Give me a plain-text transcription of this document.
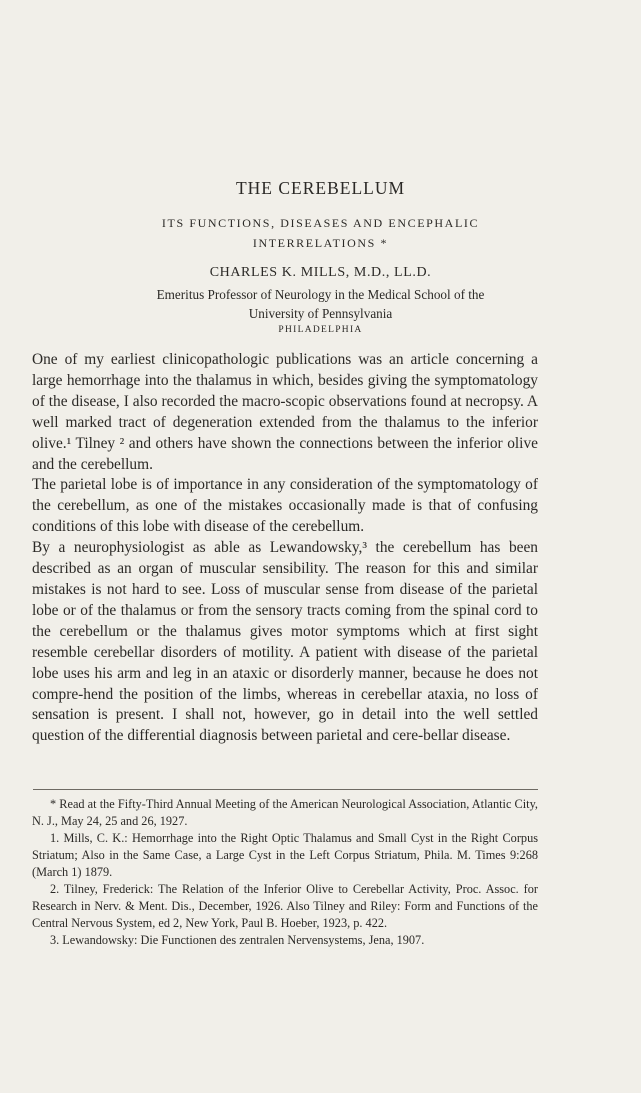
THE CEREBELLUM
ITS FUNCTIONS, DISEASES AND ENCEPHALIC
INTERRELATIONS *
CHARLES K. MILLS, M.D., LL.D.
Emeritus Professor of Neurology in the Medical School of the
University of Pennsylvania
PHILADELPHIA

One of my earliest clinicopathologic publications was an article concerning a large hemorrhage into the thalamus in which, besides giving the symptomatology of the disease, I also recorded the macro-scopic observations found at necropsy. A well marked tract of degeneration extended from the thalamus to the inferior olive.¹ Tilney ² and others have shown the connections between the inferior olive and the cerebellum.

The parietal lobe is of importance in any consideration of the symptomatology of the cerebellum, as one of the mistakes occasionally made is that of confusing conditions of this lobe with disease of the cerebellum.

By a neurophysiologist as able as Lewandowsky,³ the cerebellum has been described as an organ of muscular sensibility. The reason for this and similar mistakes is not hard to see. Loss of muscular sense from disease of the parietal lobe or of the thalamus or from the sensory tracts coming from the spinal cord to the cerebellum or the thalamus gives motor symptoms which at first sight resemble cerebellar disorders of motility. A patient with disease of the parietal lobe uses his arm and leg in an ataxic or disorderly manner, because he does not compre-hend the position of the limbs, whereas in cerebellar ataxia, no loss of sensation is present. I shall not, however, go in detail into the well settled question of the differential diagnosis between parietal and cere-bellar disease.

* Read at the Fifty-Third Annual Meeting of the American Neurological Association, Atlantic City, N. J., May 24, 25 and 26, 1927.

1. Mills, C. K.: Hemorrhage into the Right Optic Thalamus and Small Cyst in the Right Corpus Striatum; Also in the Same Case, a Large Cyst in the Left Corpus Striatum, Phila. M. Times 9:268 (March 1) 1879.

2. Tilney, Frederick: The Relation of the Inferior Olive to Cerebellar Activity, Proc. Assoc. for Research in Nerv. & Ment. Dis., December, 1926. Also Tilney and Riley: Form and Functions of the Central Nervous System, ed 2, New York, Paul B. Hoeber, 1923, p. 422.

3. Lewandowsky: Die Functionen des zentralen Nervensystems, Jena, 1907.
